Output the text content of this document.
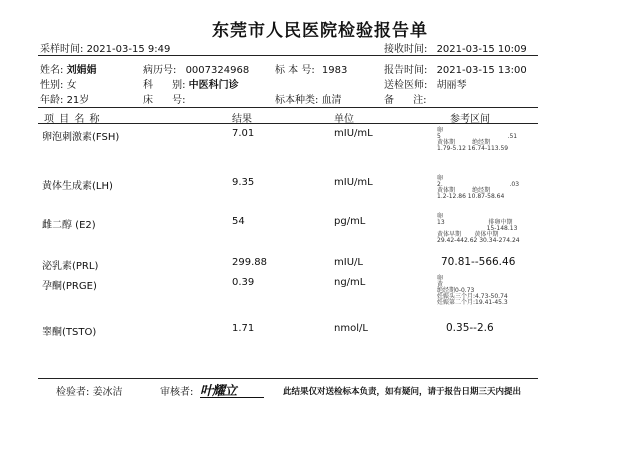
东莞市人民医院检验报告单
采样时间: 2021-03-15 9:49	接收时间: 2021-03-15 10:09
姓名: 刘娟娟	病历号: 0007324968	标 本 号: 1983	报告时间: 2021-03-15 13:00
性别: 女	科      别: 中医科门诊	送检医师: 胡丽琴
年龄: 21岁	床      号:	标本种类: 血清	备      注:
项 目 名 称	结果	单位	参考区间
卵泡刺激素(FSH)	7.01	mIU/mL	卵
5                                   .51
黄体期         绝经期
1.79-5.12 16.74-113.59
黄体生成素(LH)	9.35	mIU/mL	卵
2.                                   .03
黄体期         绝经期
1.2-12.86 10.87-58.64
雌二醇 (E2)	54	pg/mL	卵
13                       排卵中期
15-148.13
黄体早期       黄体中期
29.42-442.62 30.34-274.24
泌乳素(PRL)	299.88	mIU/L	70.81--566.46
孕酮(PRGE)	0.39	ng/mL	卵
黄
绝经期0-0.73
妊娠头三个月:4.73-50.74
妊娠第二个月:19.41-45.3
睾酮(TSTO)	1.71	nmol/L	0.35--2.6
检验者: 姜冰洁	审核者: 叶耀立	此结果仅对送检标本负责，如有疑问，请于报告日期三天内提出
